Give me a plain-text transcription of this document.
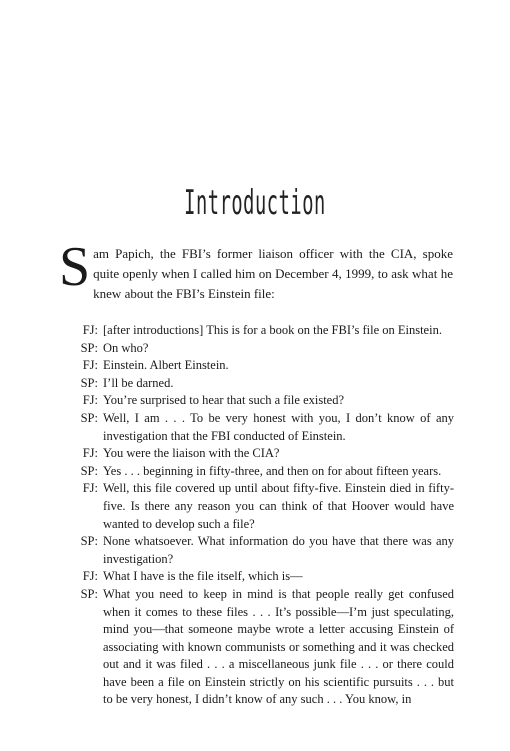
Introduction
Sam Papich, the FBI’s former liaison officer with the CIA, spoke quite openly when I called him on December 4, 1999, to ask what he knew about the FBI’s Einstein file:
FJ: [after introductions] This is for a book on the FBI’s file on Einstein.
SP: On who?
FJ: Einstein. Albert Einstein.
SP: I’ll be darned.
FJ: You’re surprised to hear that such a file existed?
SP: Well, I am . . . To be very honest with you, I don’t know of any investigation that the FBI conducted of Einstein.
FJ: You were the liaison with the CIA?
SP: Yes . . . beginning in fifty-three, and then on for about fifteen years.
FJ: Well, this file covered up until about fifty-five. Einstein died in fifty-five. Is there any reason you can think of that Hoover would have wanted to develop such a file?
SP: None whatsoever. What information do you have that there was any investigation?
FJ: What I have is the file itself, which is—
SP: What you need to keep in mind is that people really get confused when it comes to these files . . . It’s possible—I’m just speculating, mind you—that someone maybe wrote a letter accusing Einstein of associating with known communists or something and it was checked out and it was filed . . . a miscellaneous junk file . . . or there could have been a file on Einstein strictly on his scientific pursuits . . . but to be very honest, I didn’t know of any such . . . You know, in
